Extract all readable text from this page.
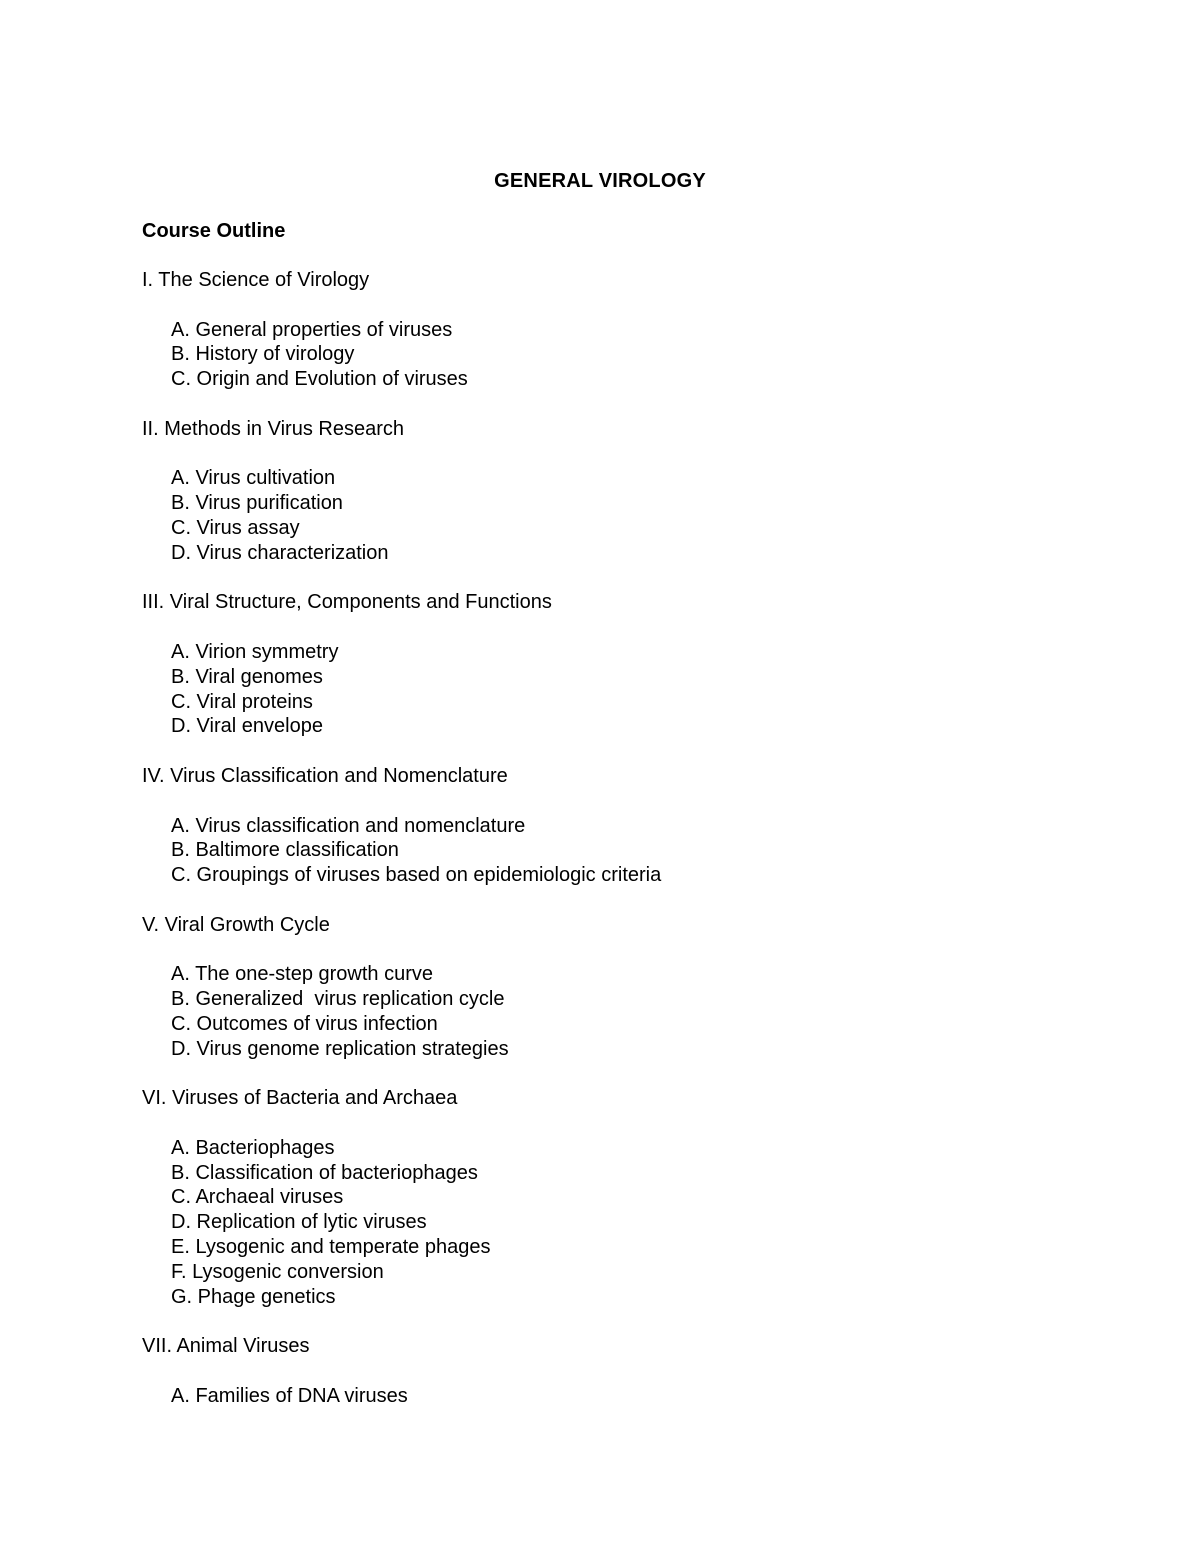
GENERAL VIROLOGY
Course Outline
I. The Science of Virology
A. General properties of viruses
B. History of virology
C. Origin and Evolution of viruses
II. Methods in Virus Research
A. Virus cultivation
B. Virus purification
C. Virus assay
D. Virus characterization
III. Viral Structure, Components and Functions
A. Virion symmetry
B. Viral genomes
C. Viral proteins
D. Viral envelope
IV. Virus Classification and Nomenclature
A. Virus classification and nomenclature
B. Baltimore classification
C. Groupings of viruses based on epidemiologic criteria
V. Viral Growth Cycle
A. The one-step growth curve
B. Generalized  virus replication cycle
C. Outcomes of virus infection
D. Virus genome replication strategies
VI. Viruses of Bacteria and Archaea
A. Bacteriophages
B. Classification of bacteriophages
C. Archaeal viruses
D. Replication of lytic viruses
E. Lysogenic and temperate phages
F. Lysogenic conversion
G. Phage genetics
VII. Animal Viruses
A. Families of DNA viruses
